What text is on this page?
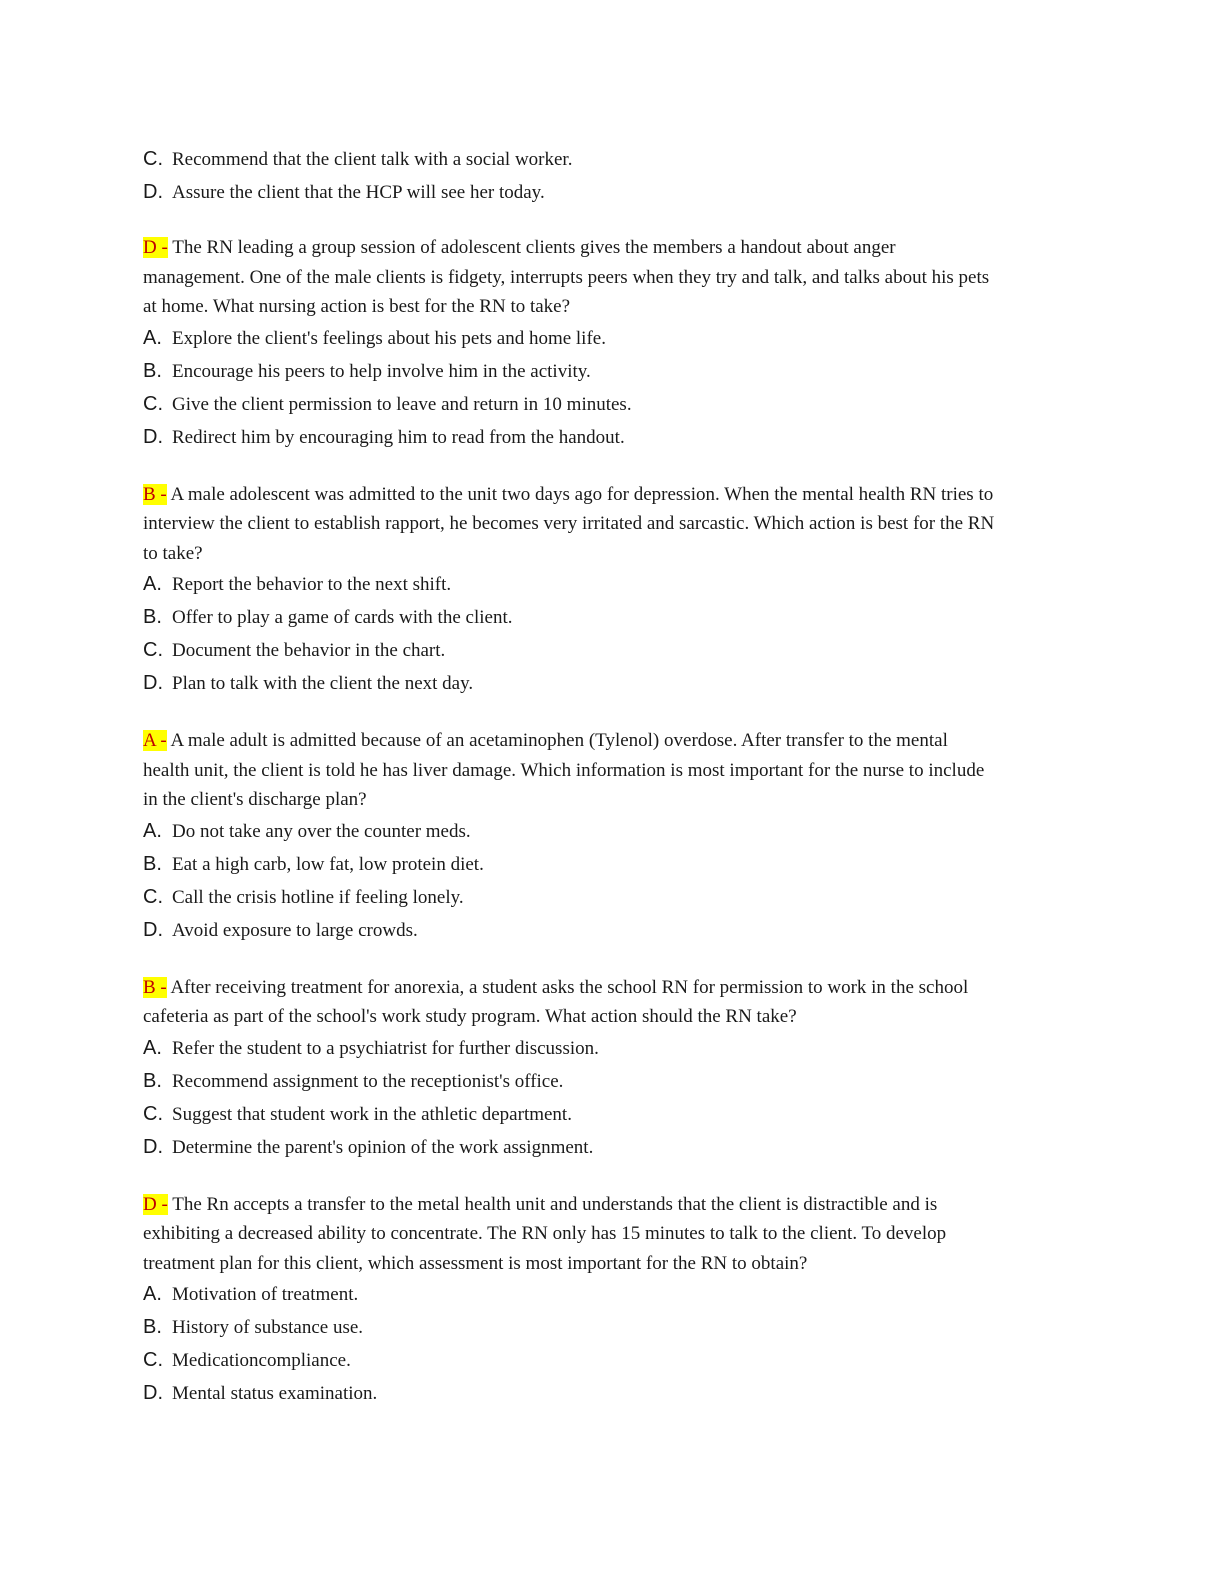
C. Recommend that the client talk with a social worker.
D. Assure the client that the HCP will see her today.

D - The RN leading a group session of adolescent clients gives the members a handout about anger
management. One of the male clients is fidgety, interrupts peers when they try and talk, and talks about his pets
at home. What nursing action is best for the RN to take?

A. Explore the client's feelings about his pets and home life.
B. Encourage his peers to help involve him in the activity.
C. Give the client permission to leave and return in 10 minutes.
D. Redirect him by encouraging him to read from the handout.

B - A male adolescent was admitted to the unit two days ago for depression. When the mental health RN tries to
interview the client to establish rapport, he becomes very irritated and sarcastic. Which action is best for the RN
to take?

A. Report the behavior to the next shift.
B. Offer to play a game of cards with the client.
C. Document the behavior in the chart.
D. Plan to talk with the client the next day.

A - A male adult is admitted because of an acetaminophen (Tylenol) overdose. After transfer to the mental
health unit, the client is told he has liver damage. Which information is most important for the nurse to include
in the client's discharge plan?

A. Do not take any over the counter meds.
B. Eat a high carb, low fat, low protein diet.
C. Call the crisis hotline if feeling lonely.
D. Avoid exposure to large crowds.

B - After receiving treatment for anorexia, a student asks the school RN for permission to work in the school
cafeteria as part of the school's work study program. What action should the RN take?

A. Refer the student to a psychiatrist for further discussion.
B. Recommend assignment to the receptionist's office.
C. Suggest that student work in the athletic department.
D. Determine the parent's opinion of the work assignment.

D - The Rn accepts a transfer to the metal health unit and understands that the client is distractible and is
exhibiting a decreased ability to concentrate. The RN only has 15 minutes to talk to the client. To develop
treatment plan for this client, which assessment is most important for the RN to obtain?

A. Motivation of treatment.
B. History of substance use.
C. Medicationcompliance.
D. Mental status examination.
